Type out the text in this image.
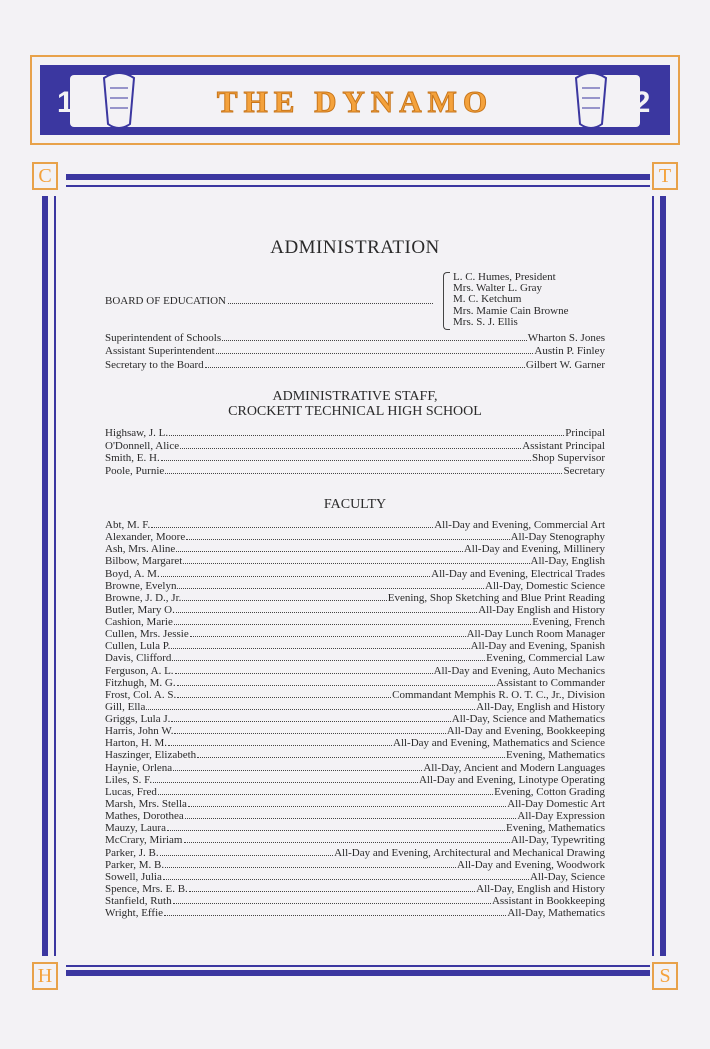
19	22
THE DYNAMO
C	T
H	S
ADMINISTRATION
BOARD OF EDUCATION
L. C. Humes, President
Mrs. Walter L. Gray
M. C. Ketchum
Mrs. Mamie Cain Browne
Mrs. S. J. Ellis
Superintendent of Schools	Wharton S. Jones
Assistant Superintendent	Austin P. Finley
Secretary to the Board	Gilbert W. Garner
ADMINISTRATIVE STAFF,
CROCKETT TECHNICAL HIGH SCHOOL
Highsaw, J. L.	Principal
O'Donnell, Alice	Assistant Principal
Smith, E. H.	Shop Supervisor
Poole, Purnie	Secretary
FACULTY
Abt, M. F.	All-Day and Evening, Commercial Art
Alexander, Moore	All-Day Stenography
Ash, Mrs. Aline	All-Day and Evening, Millinery
Bilbow, Margaret	All-Day, English
Boyd, A. M.	All-Day and Evening, Electrical Trades
Browne, Evelyn	All-Day, Domestic Science
Browne, J. D., Jr.	Evening, Shop Sketching and Blue Print Reading
Butler, Mary O.	All-Day English and History
Cashion, Marie	Evening, French
Cullen, Mrs. Jessie	All-Day Lunch Room Manager
Cullen, Lula P.	All-Day and Evening, Spanish
Davis, Clifford	Evening, Commercial Law
Ferguson, A. L.	All-Day and Evening, Auto Mechanics
Fitzhugh, M. G.	Assistant to Commander
Frost, Col. A. S.	Commandant Memphis R. O. T. C., Jr., Division
Gill, Ella	All-Day, English and History
Griggs, Lula J.	All-Day, Science and Mathematics
Harris, John W.	All-Day and Evening, Bookkeeping
Harton, H. M.	All-Day and Evening, Mathematics and Science
Haszinger, Elizabeth	Evening, Mathematics
Haynie, Orlena	All-Day, Ancient and Modern Languages
Liles, S. F.	All-Day and Evening, Linotype Operating
Lucas, Fred	Evening, Cotton Grading
Marsh, Mrs. Stella	All-Day Domestic Art
Mathes, Dorothea	All-Day Expression
Mauzy, Laura	Evening, Mathematics
McCrary, Miriam	All-Day, Typewriting
Parker, J. B.	All-Day and Evening, Architectural and Mechanical Drawing
Parker, M. B.	All-Day and Evening, Woodwork
Sowell, Julia	All-Day, Science
Spence, Mrs. E. B.	All-Day, English and History
Stanfield, Ruth	Assistant in Bookkeeping
Wright, Effie	All-Day, Mathematics
